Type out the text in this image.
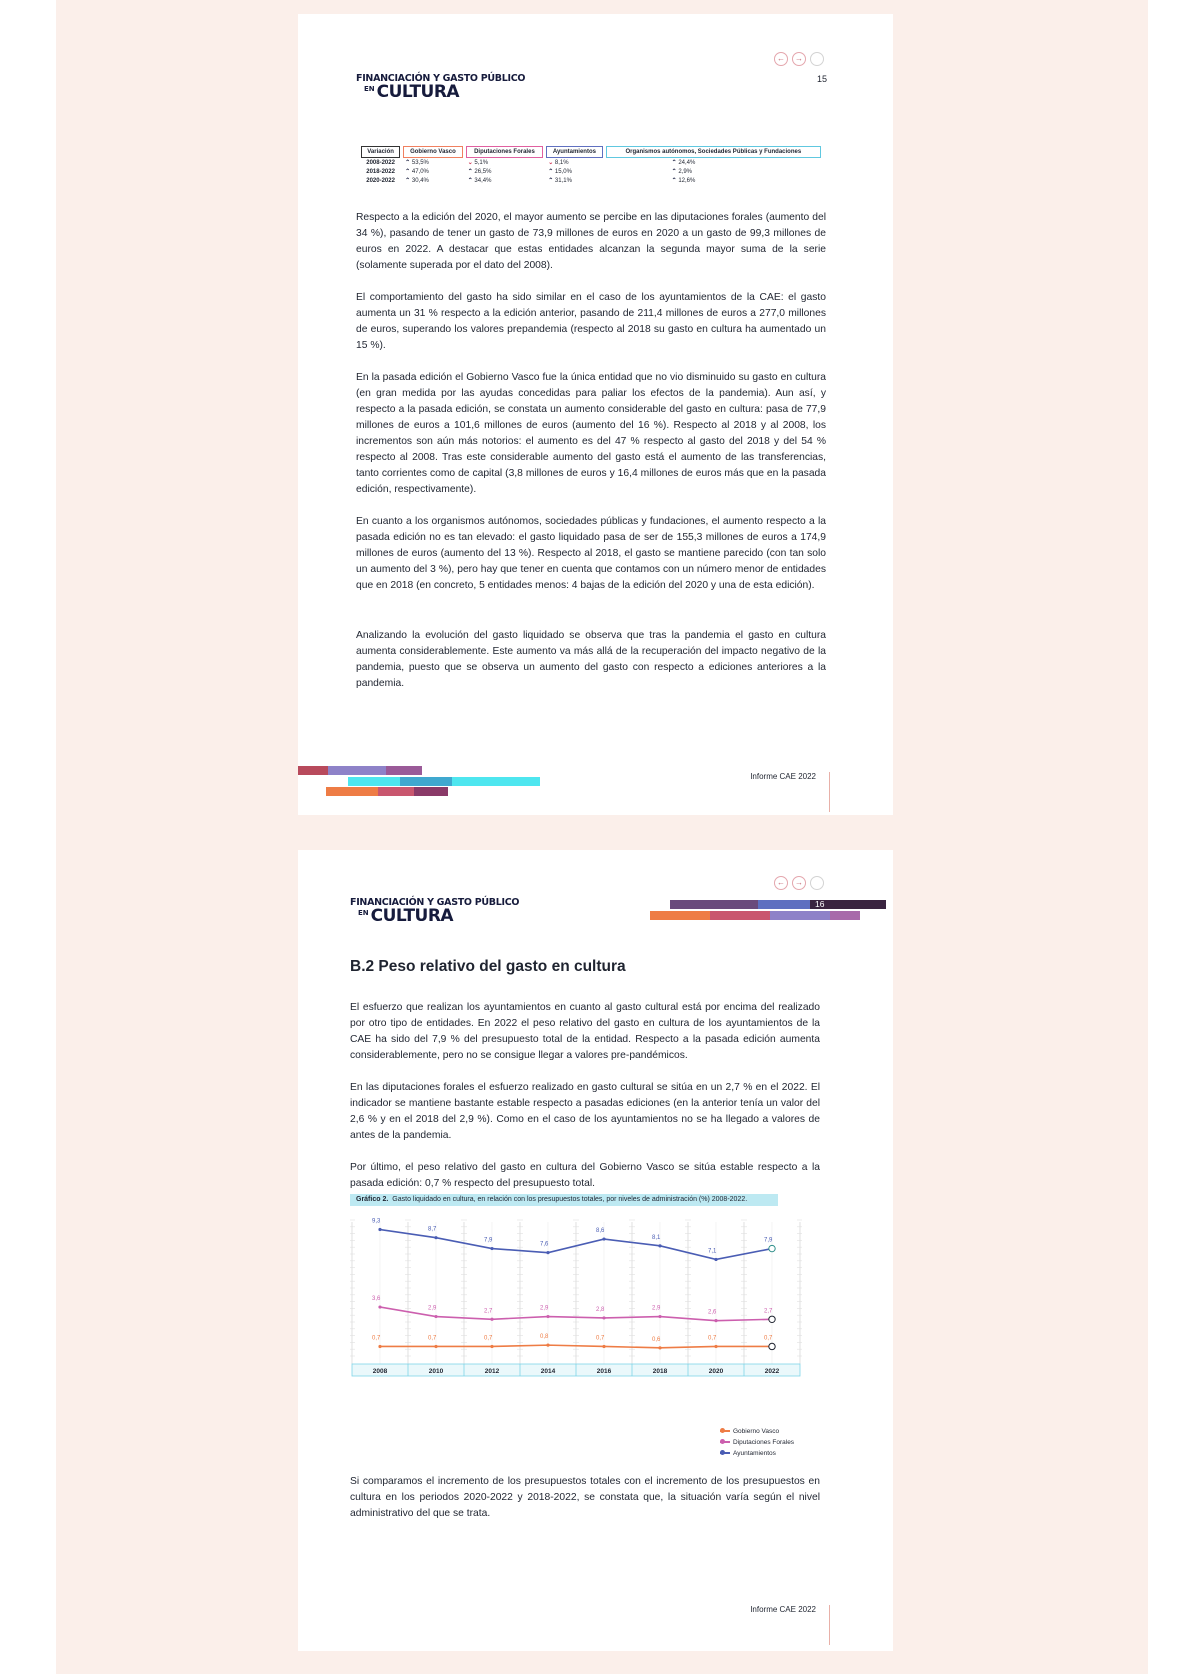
FINANCIACIÓN Y GASTO PÚBLICO
EN CULTURA
←	→
15
Variación	Gobierno Vasco	Diputaciones Forales	Ayuntamientos	Organismos autónomos, Sociedades Públicas y Fundaciones
2008-2022	⌃ 53,5%	⌄ 5,1%	⌄ 8,1%	⌃ 24,4%
2018-2022	⌃ 47,0%	⌃ 26,5%	⌃ 15,0%	⌃ 2,9%
2020-2022	⌃ 30,4%	⌃ 34,4%	⌃ 31,1%	⌃ 12,6%

Respecto a la edición del 2020, el mayor aumento se percibe en las diputaciones forales (aumento del 34 %), pasando de tener un gasto de 73,9 millones de euros en 2020 a un gasto de 99,3 millones de euros en 2022. A destacar que estas entidades alcanzan la segunda mayor suma de la serie (solamente superada por el dato del 2008).

El comportamiento del gasto ha sido similar en el caso de los ayuntamientos de la CAE: el gasto aumenta un 31 % respecto a la edición anterior, pasando de 211,4 millones de euros a 277,0 millones de euros, superando los valores prepandemia (respecto al 2018 su gasto en cultura ha aumentado un 15 %).

En la pasada edición el Gobierno Vasco fue la única entidad que no vio disminuido su gasto en cultura (en gran medida por las ayudas concedidas para paliar los efectos de la pandemia). Aun así, y respecto a la pasada edición, se constata un aumento considerable del gasto en cultura: pasa de 77,9 millones de euros a 101,6 millones de euros (aumento del 16 %). Respecto al 2018 y al 2008, los incrementos son aún más notorios: el aumento es del 47 % respecto al gasto del 2018 y del 54 % respecto al 2008. Tras este considerable aumento del gasto está el aumento de las transferencias, tanto corrientes como de capital (3,8 millones de euros y 16,4 millones de euros más que en la pasada edición, respectivamente).

En cuanto a los organismos autónomos, sociedades públicas y fundaciones, el aumento respecto a la pasada edición no es tan elevado: el gasto liquidado pasa de ser de 155,3 millones de euros a 174,9 millones de euros (aumento del 13 %). Respecto al 2018, el gasto se mantiene parecido (con tan solo un aumento del 3 %), pero hay que tener en cuenta que contamos con un número menor de entidades que en 2018 (en concreto, 5 entidades menos: 4 bajas de la edición del 2020 y una de esta edición).

Analizando la evolución del gasto liquidado se observa que tras la pandemia el gasto en cultura aumenta considerablemente. Este aumento va más allá de la recuperación del impacto negativo de la pandemia, puesto que se observa un aumento del gasto con respecto a ediciones anteriores a la pandemia.

Informe CAE 2022
FINANCIACIÓN Y GASTO PÚBLICO
EN CULTURA
←	→
16
B.2 Peso relativo del gasto en cultura

El esfuerzo que realizan los ayuntamientos en cuanto al gasto cultural está por encima del realizado por otro tipo de entidades. En 2022 el peso relativo del gasto en cultura de los ayuntamientos de la CAE ha sido del 7,9 % del presupuesto total de la entidad. Respecto a la pasada edición aumenta considerablemente, pero no se consigue llegar a valores pre-pandémicos.

En las diputaciones forales el esfuerzo realizado en gasto cultural se sitúa en un 2,7 % en el 2022. El indicador se mantiene bastante estable respecto a pasadas ediciones (en la anterior tenía un valor del 2,6 % y en el 2018 del 2,9 %). Como en el caso de los ayuntamientos no se ha llegado a valores de antes de la pandemia.

Por último, el peso relativo del gasto en cultura del Gobierno Vasco se sitúa estable respecto a la pasada edición: 0,7 % respecto del presupuesto total.

Gráfico 2. Gasto liquidado en cultura, en relación con los presupuestos totales, por niveles de administración (%) 2008-2022.
2008	2010	2012	2014	2016	2018	2020	2022
9,3
8,7
7,9
7,6
8,6
8,1
7,1
7,9
3,6
2,9	2,7	2,9	2,8	2,9
2,6	2,7
0,7	0,7	0,7	0,8	0,7	0,6	0,7	0,7
Gobierno Vasco
Diputaciones Forales
Ayuntamientos

Si comparamos el incremento de los presupuestos totales con el incremento de los presupuestos en cultura en los periodos 2020-2022 y 2018-2022, se constata que, la situación varía según el nivel administrativo del que se trata.

Informe CAE 2022
